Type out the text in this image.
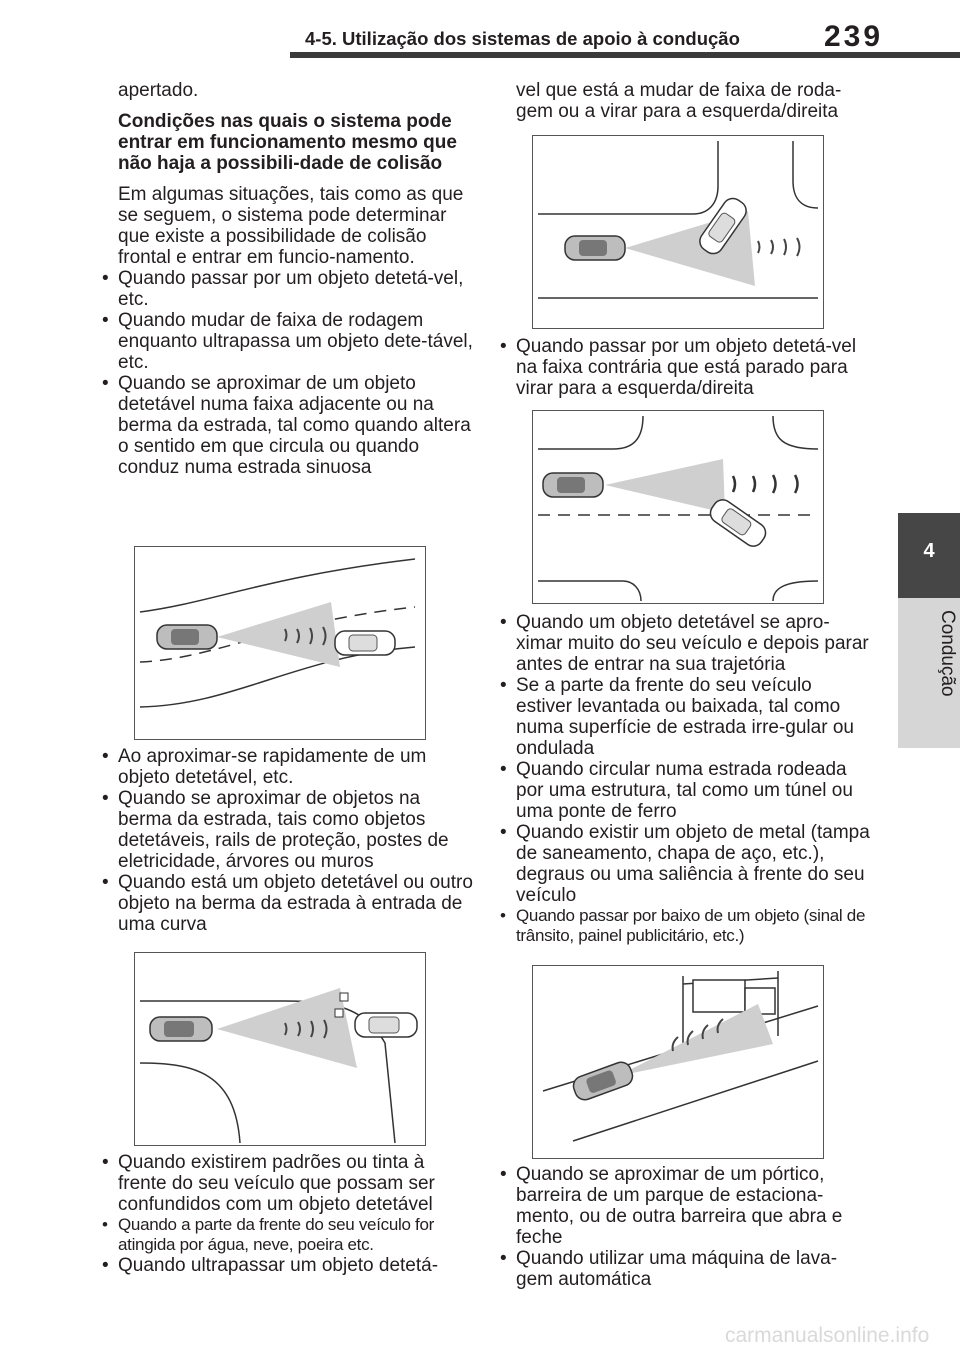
4-5. Utilização dos sistemas de apoio à condução	239
4
Condução

apertado.

Condições nas quais o sistema pode entrar em funcionamento mesmo que não haja a possibili-dade de colisão

Em algumas situações, tais como as que se seguem, o sistema pode determinar que existe a possibilidade de colisão frontal e entrar em funcio-namento.

• Quando passar por um objeto detetá-vel, etc.
• Quando mudar de faixa de rodagem enquanto ultrapassa um objeto dete-tável, etc.
• Quando se aproximar de um objeto detetável numa faixa adjacente ou na berma da estrada, tal como quando altera o sentido em que circula ou quando conduz numa estrada sinuosa
• Ao aproximar-se rapidamente de um objeto detetável, etc.
• Quando se aproximar de objetos na berma da estrada, tais como objetos detetáveis, rails de proteção, postes de eletricidade, árvores ou muros
• Quando está um objeto detetável ou outro objeto na berma da estrada à entrada de uma curva
• Quando existirem padrões ou tinta à frente do seu veículo que possam ser confundidos com um objeto detetável
• Quando a parte da frente do seu veículo for atingida por água, neve, poeira etc.
• Quando ultrapassar um objeto detetá-

vel que está a mudar de faixa de roda-gem ou a virar para a esquerda/direita

• Quando passar por um objeto detetá-vel na faixa contrária que está parado para virar para a esquerda/direita
• Quando um objeto detetável se apro-ximar muito do seu veículo e depois parar antes de entrar na sua trajetória
• Se a parte da frente do seu veículo estiver levantada ou baixada, tal como numa superfície de estrada irre-gular ou ondulada
• Quando circular numa estrada rodeada por uma estrutura, tal como um túnel ou uma ponte de ferro
• Quando existir um objeto de metal (tampa de saneamento, chapa de aço, etc.), degraus ou uma saliência à frente do seu veículo
• Quando passar por baixo de um objeto (sinal de trânsito, painel publicitário, etc.)
• Quando se aproximar de um pórtico, barreira de um parque de estaciona-mento, ou de outra barreira que abra e feche
• Quando utilizar uma máquina de lava-gem automática
carmanualsonline.info
